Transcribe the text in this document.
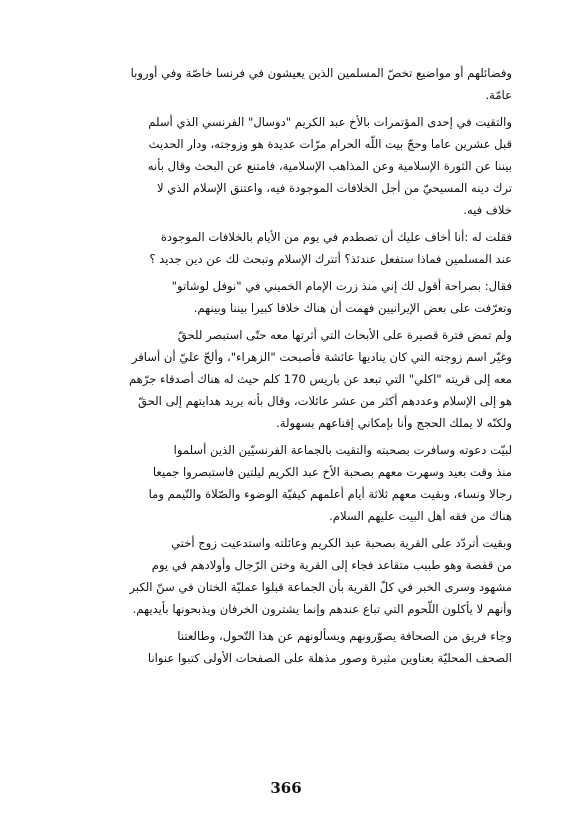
وفضائلهم أو مواضيع تخصّ المسلمين الذين يعيشون في فرنسا خاصّة وفي أوروبا
عامّة.
والتقيت في إحدى المؤتمرات بالأخ عبد الكريم "دوسال" الفرنسي الذي أسلم
قبل عشرين عاما وحجّ بيت اللّه الحرام مرّات عديدة هو وزوجته، ودار الحديث
بيننا عن الثورة الإسلامية وعن المذاهب الإسلامية، فامتنع عن البحث وقال بأنه
ترك دينه المسيحيّ من أجل الخلافات الموجودة فيه، واعتنق الإسلام الذي لا
خلاف فيه.
فقلت له :أنا أخاف عليك أن تصطدم في يوم من الأيام بالخلافات الموجودة
عند المسلمين فماذا ستفعل عندئذ؟ أتترك الإسلام وتبحث لك عن دين جديد ؟
فقال: بصراحة أقول لك إني منذ زرت الإمام الخميني في "نوفل لوشاتو"
وتعرّفت على بعض الإيرانيين فهمت أن هناك خلافا كبيرا بيننا وبينهم.
ولم تمض فترة قصيرة على الأبحاث التي أثرتها معه حتّى استبصر للحقّ
وغيّر اسم زوجته التي كان يناديها عائشة فأصبحت "الزهراء"، وألحّ عليّ أن أسافر
معه إلى قريته "اكلي" التي تبعد عن باريس 170 كلم حيث له هناك أصدقاء جرّهم
هو إلى الإسلام وعددهم أكثر من عشر عائلات، وقال بأنه يريد هدايتهم إلى الحقّ
ولكنّه لا يملك الحجج وأنا بإمكاني إقناعهم بسهولة.
لبيّت دعوته وسافرت بصحبته والتقيت بالجماعة الفرنسيّين الذين أسلموا
منذ وقت بعيد وسهرت معهم بصحبة الأخ عبد الكريم ليلتين فاستبصروا جميعا
رجالا ونساء، وبقيت معهم ثلاثة أيام أعلمهم كيفيّة الوضوء والصّلاة والتّيمم وما
هناك من فقه أهل البيت عليهم السلام.
وبقيت أتردّد على القرية بصحبة عبد الكريم وعائلته واستدعيت زوج أختي
من قفصة وهو طبيب متقاعد فجاء إلى القرية وختن الرّجال وأولادهم في يوم
مشهود وسرى الخبر في كلّ القرية بأن الجماعة قبلوا عمليّة الختان في سنّ الكبر
وأنهم لا يأكلون اللّحوم التي تباع عندهم وإنما يشترون الخرفان ويذبحونها بأيديهم.
وجاء فريق من الصحافة يصوّرونهم ويسألونهم عن هذا التّحول، وطالعتنا
الصحف المحليّة بعناوين مثيرة وصور مذهلة على الصفحات الأولى كتبوا عنوانا
366
